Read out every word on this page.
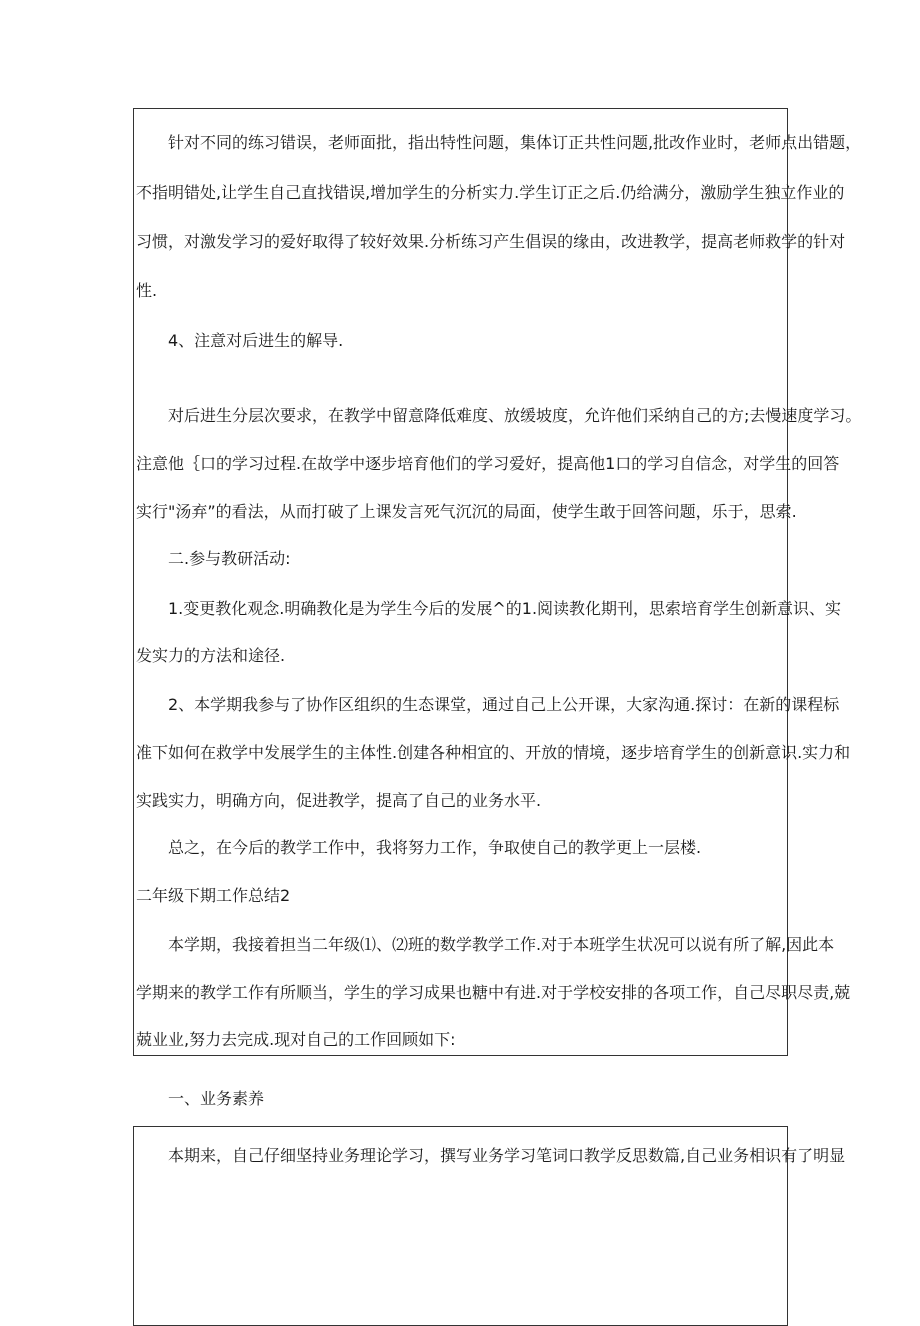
针对不同的练习错误，老师面批，指出特性问题，集体订正共性问题,批改作业时，老师点出错题，

不指明错处,让学生自己直找错误,增加学生的分析实力.学生订正之后.仍给满分，激励学生独立作业的

习惯，对激发学习的爱好取得了较好效果.分析练习产生倡误的缘由，改进教学，提高老师救学的针对

性.

4、注意对后进生的解导.

对后进生分层次要求，在教学中留意降低难度、放缓坡度，允许他们采纳自己的方;去慢速度学习。

注意他｛口的学习过程.在故学中逐步培育他们的学习爱好，提高他1口的学习自信念，对学生的回答

实行"汤弃”的看法，从而打破了上课发言死气沉沉的局面，使学生敢于回答问题，乐于，思索.

二.参与教研活动:

1.变更教化观念.明确教化是为学生今后的发展^的1.阅读教化期刊，思索培育学生创新意识、实

发实力的方法和途径.

2、本学期我参与了协作区组织的生态课堂，通过自己上公开课，大家沟通.探讨：在新的课程标

准下如何在救学中发展学生的主体性.创建各种相宜的、开放的情境，逐步培育学生的创新意识.实力和

实践实力，明确方向，促进教学，提高了自己的业务水平.

总之，在今后的教学工作中，我将努力工作，争取使自己的教学更上一层楼.

二年级下期工作总结2

本学期，我接着担当二年级⑴、⑵班的数学教学工作.对于本班学生状况可以说有所了解,因此本

学期来的教学工作有所顺当，学生的学习成果也糖中有进.对于学校安排的各项工作，自己尽职尽责,兢

兢业业,努力去完成.现对自己的工作回顾如下:

一、业务素养

本期来，自己仔细坚持业务理论学习，撰写业务学习笔词口教学反思数篇,自己业务相识有了明显
